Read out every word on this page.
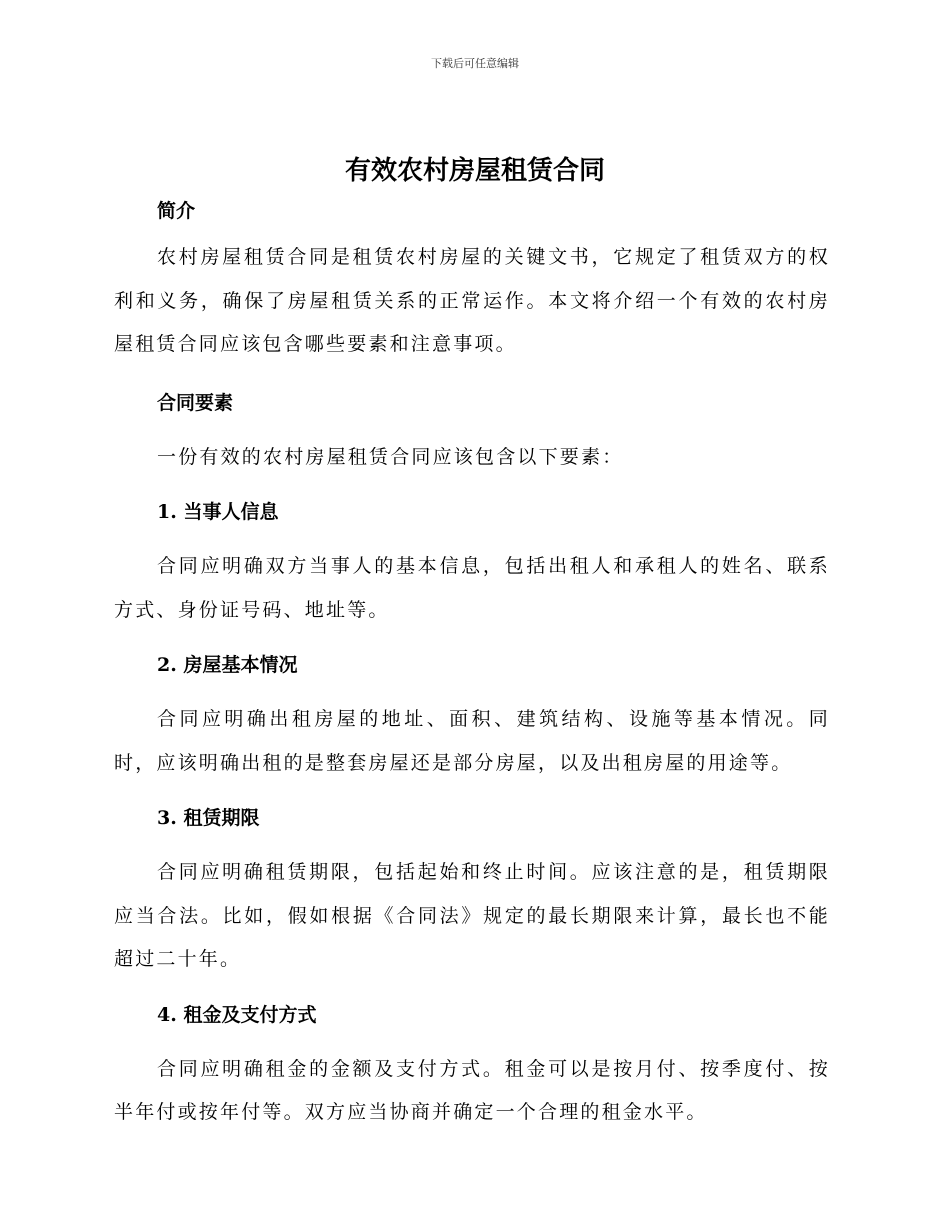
下载后可任意编辑
有效农村房屋租赁合同
简介

农村房屋租赁合同是租赁农村房屋的关键文书，它规定了租赁双方的权利和义务，确保了房屋租赁关系的正常运作。本文将介绍一个有效的农村房屋租赁合同应该包含哪些要素和注意事项。

合同要素

一份有效的农村房屋租赁合同应该包含以下要素：

1. 当事人信息

合同应明确双方当事人的基本信息，包括出租人和承租人的姓名、联系方式、身份证号码、地址等。

2. 房屋基本情况

合同应明确出租房屋的地址、面积、建筑结构、设施等基本情况。同时，应该明确出租的是整套房屋还是部分房屋，以及出租房屋的用途等。

3. 租赁期限

合同应明确租赁期限，包括起始和终止时间。应该注意的是，租赁期限应当合法。比如，假如根据《合同法》规定的最长期限来计算，最长也不能超过二十年。

4. 租金及支付方式

合同应明确租金的金额及支付方式。租金可以是按月付、按季度付、按半年付或按年付等。双方应当协商并确定一个合理的租金水平。
